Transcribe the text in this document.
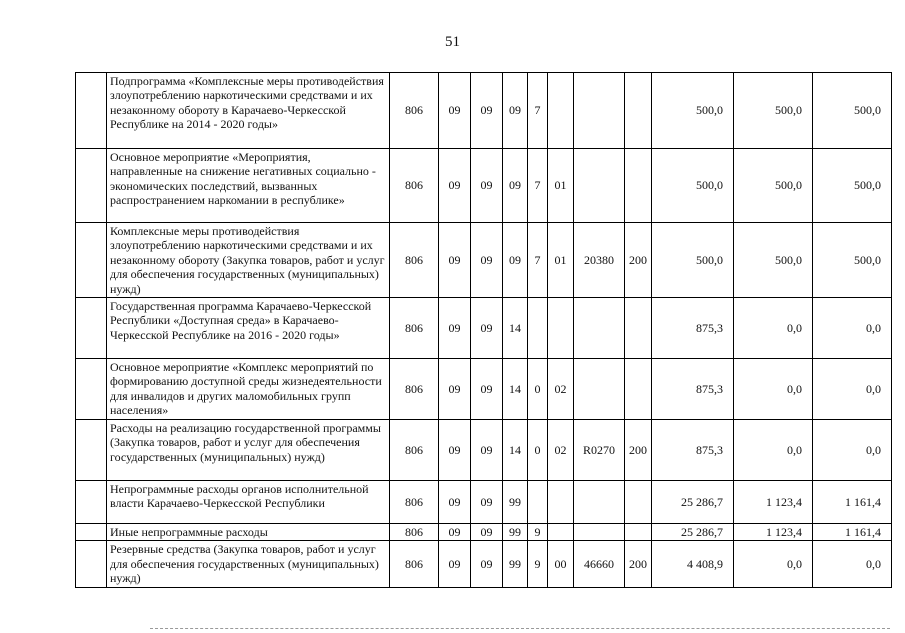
51
	Подпрограмма «Комплексные меры противодействия злоупотреблению наркотическими средствами и их незаконному обороту в Карачаево-Черкесской Республике на 2014 - 2020 годы»	806	09	09	09	7				500,0	500,0	500,0
	Основное мероприятие «Мероприятия, направленные на снижение негативных социально - экономических последствий, вызванных распространением наркомании в республике»	806	09	09	09	7	01			500,0	500,0	500,0
	Комплексные меры противодействия злоупотреблению наркотическими средствами и их незаконному обороту (Закупка товаров, работ и услуг для обеспечения государственных (муниципальных) нужд)	806	09	09	09	7	01	20380	200	500,0	500,0	500,0
	Государственная программа Карачаево-Черкесской Республики «Доступная среда» в Карачаево-Черкесской Республике на 2016 - 2020 годы»	806	09	09	14					875,3	0,0	0,0
	Основное мероприятие «Комплекс мероприятий по формированию доступной среды жизнедеятельности для инвалидов и других маломобильных групп населения»	806	09	09	14	0	02			875,3	0,0	0,0
	Расходы на реализацию государственной программы (Закупка товаров, работ и услуг для обеспечения государственных (муниципальных) нужд)	806	09	09	14	0	02	R0270	200	875,3	0,0	0,0
	Непрограммные расходы органов исполнительной власти Карачаево-Черкесской Республики	806	09	09	99					25 286,7	1 123,4	1 161,4
	Иные непрограммные расходы	806	09	09	99	9				25 286,7	1 123,4	1 161,4
	Резервные средства (Закупка товаров, работ и услуг для обеспечения государственных (муниципальных) нужд)	806	09	09	99	9	00	46660	200	4 408,9	0,0	0,0
